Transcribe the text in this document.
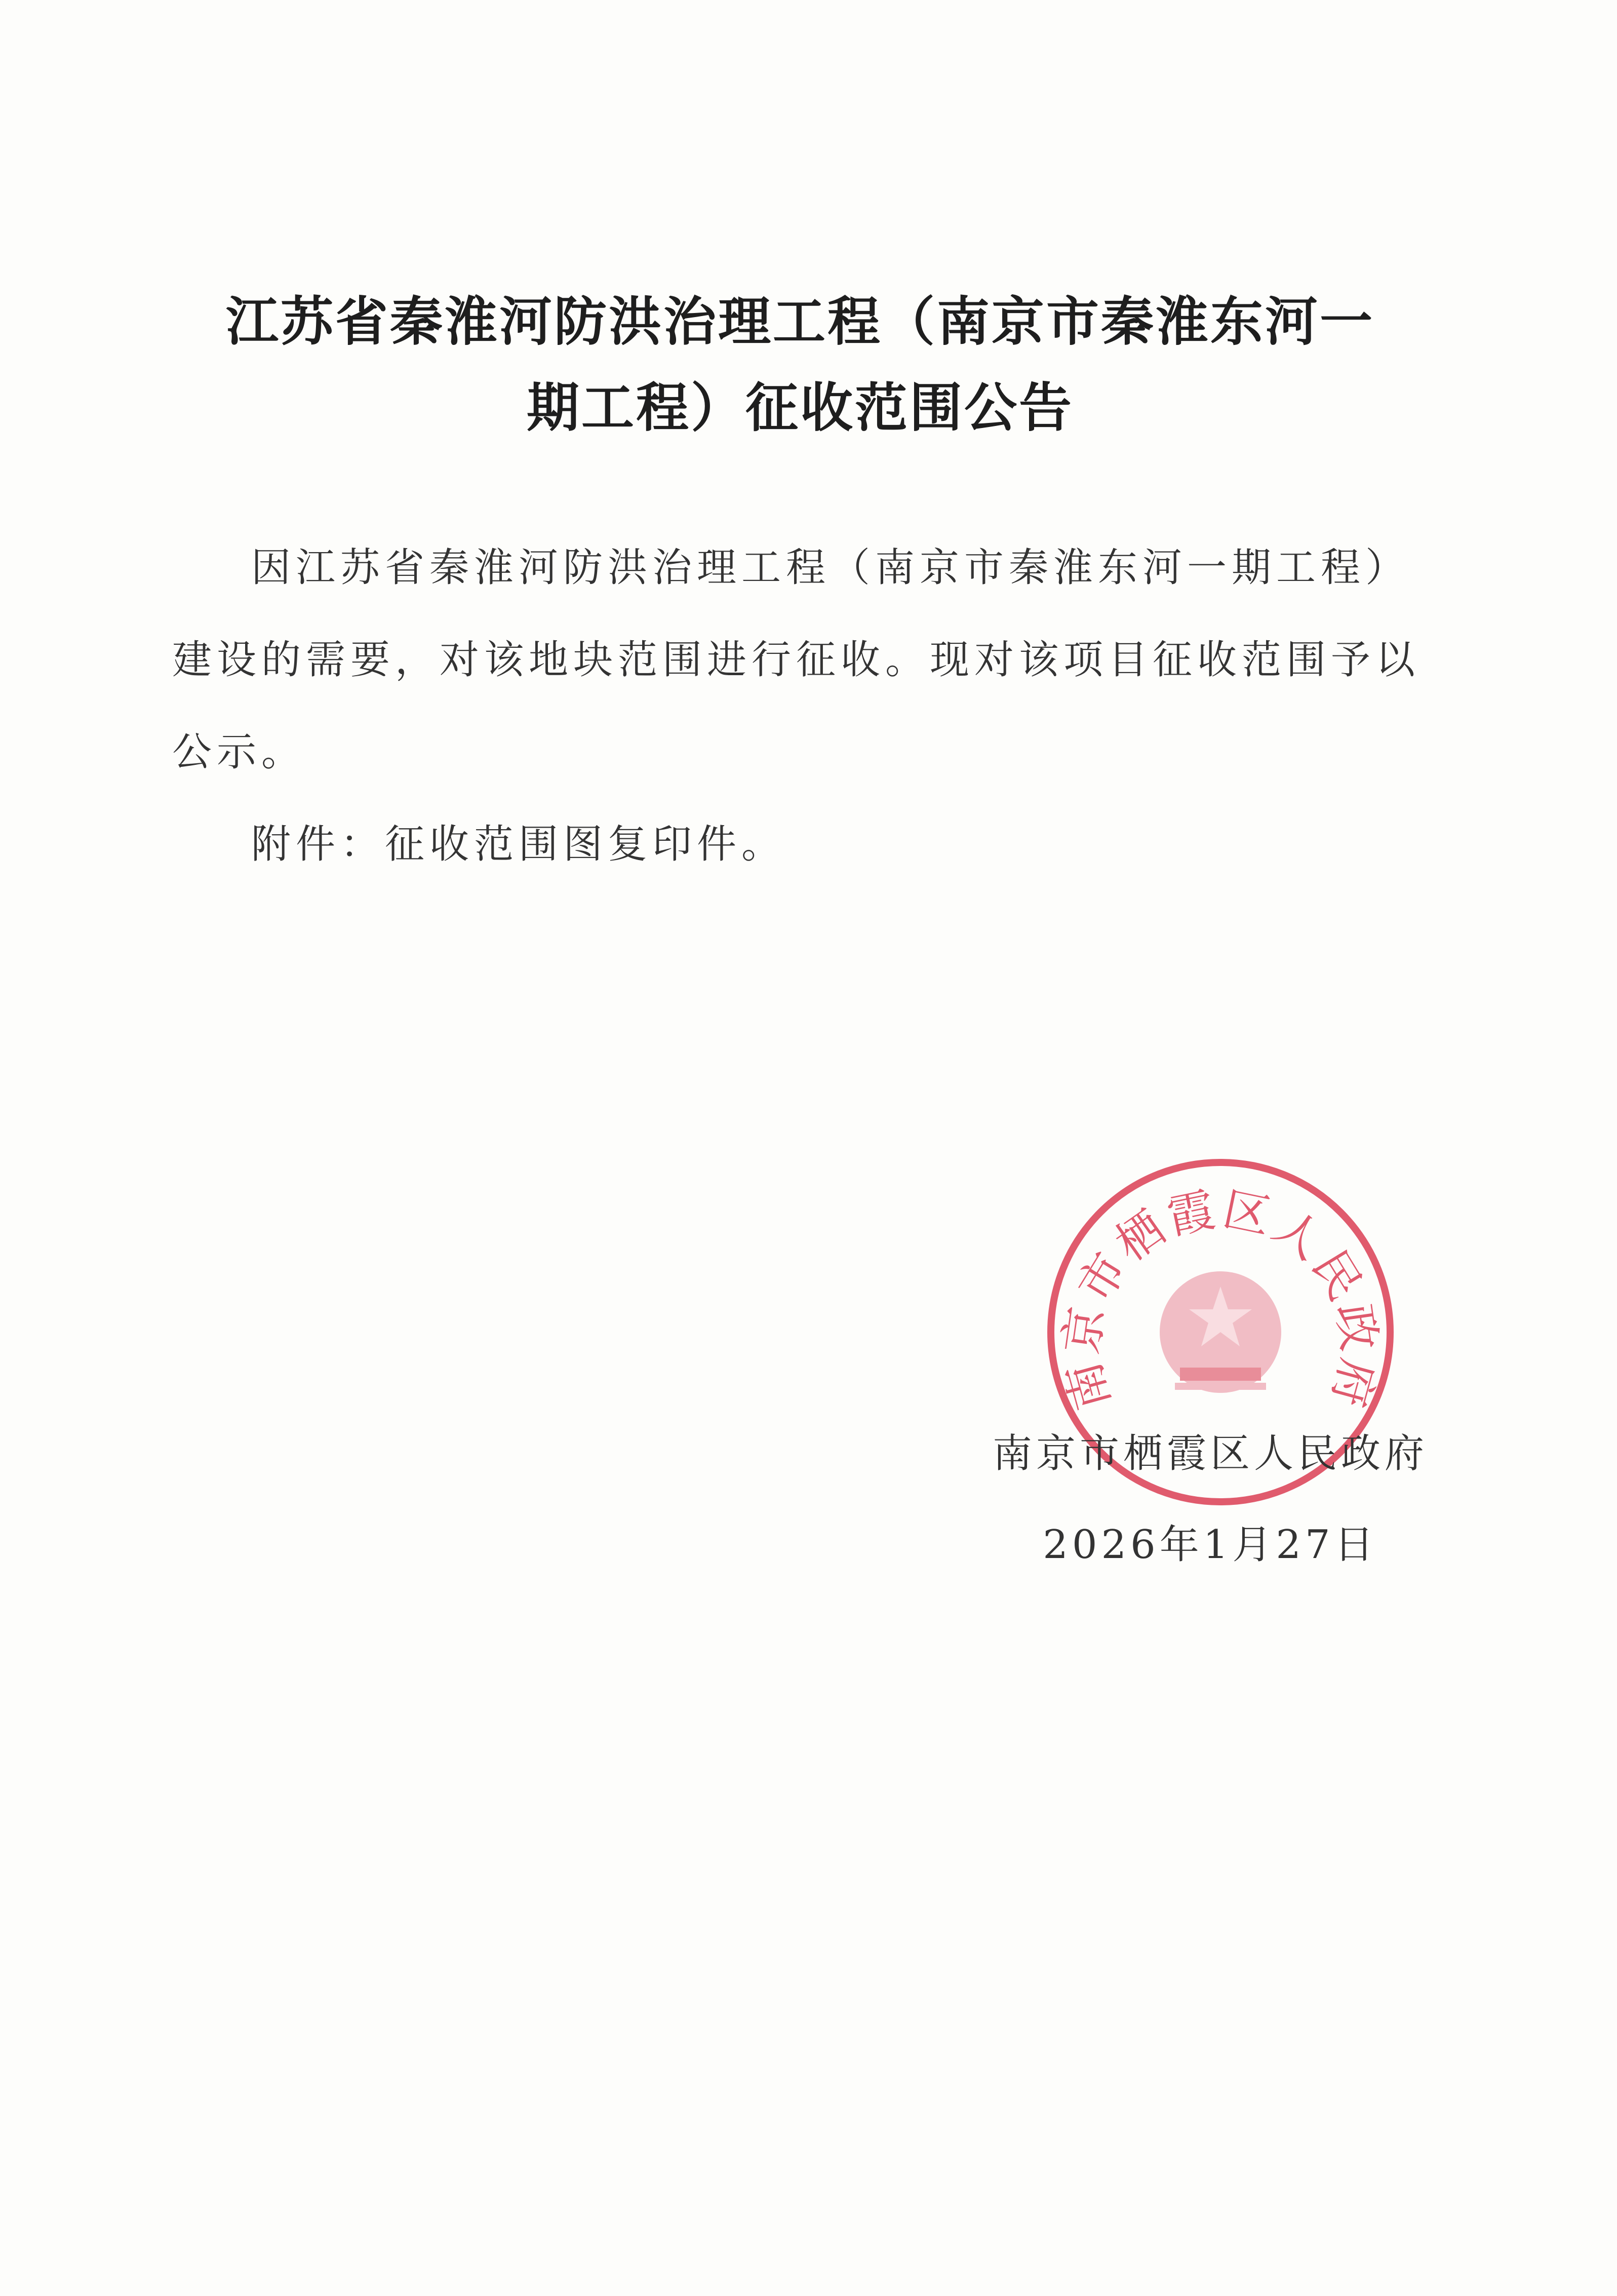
江苏省秦淮河防洪治理工程（南京市秦淮东河一
期工程）征收范围公告

因江苏省秦淮河防洪治理工程（南京市秦淮东河一期工程）建设的需要，对该地块范围进行征收。现对该项目征收范围予以公示。

附件：征收范围图复印件。

南京市栖霞区人民政府
南京市栖霞区人民政府
2026年1月27日
